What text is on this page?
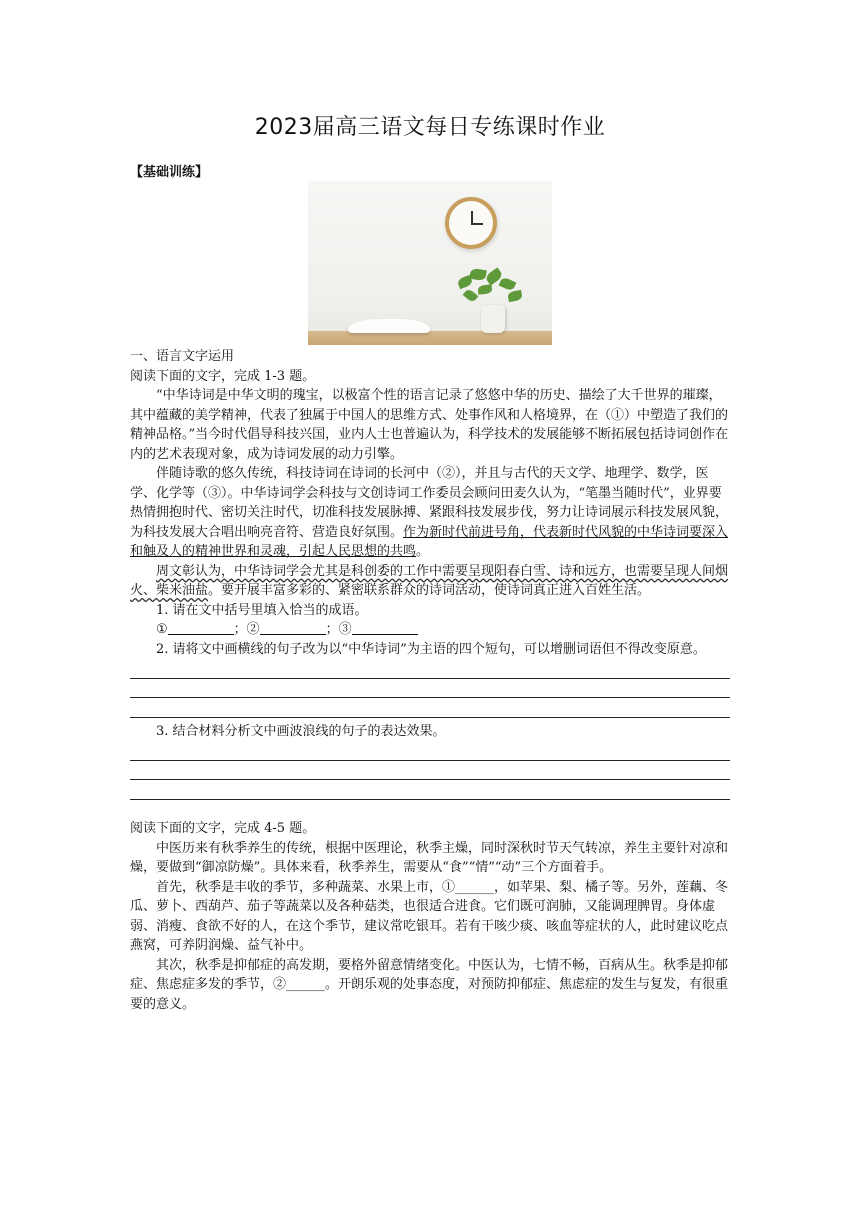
2023届高三语文每日专练课时作业
【基础训练】

一、语言文字运用

阅读下面的文字，完成 1-3 题。

“中华诗词是中华文明的瑰宝，以极富个性的语言记录了悠悠中华的历史、描绘了大千世界的璀璨，其中蕴藏的美学精神，代表了独属于中国人的思维方式、处事作风和人格境界，在（①）中塑造了我们的精神品格。”当今时代倡导科技兴国，业内人士也普遍认为，科学技术的发展能够不断拓展包括诗词创作在内的艺术表现对象，成为诗词发展的动力引擎。

伴随诗歌的悠久传统，科技诗词在诗词的长河中（②），并且与古代的天文学、地理学、数学，医学、化学等（③）。中华诗词学会科技与文创诗词工作委员会顾问田麦久认为，“笔墨当随时代”，业界要热情拥抱时代、密切关注时代，切准科技发展脉搏、紧跟科技发展步伐，努力让诗词展示科技发展风貌，为科技发展大合唱出响亮音符、营造良好氛围。作为新时代前进号角，代表新时代风貌的中华诗词要深入和触及人的精神世界和灵魂，引起人民思想的共鸣。

周文彰认为，中华诗词学会尤其是科创委的工作中需要呈现阳春白雪、诗和远方，也需要呈现人间烟火、柴米油盐。要开展丰富多彩的、紧密联系群众的诗词活动，使诗词真正进入百姓生活。

1. 请在文中括号里填入恰当的成语。

①	；②	；③

2. 请将文中画横线的句子改为以“中华诗词”为主语的四个短句，可以增删词语但不得改变原意。

3. 结合材料分析文中画波浪线的句子的表达效果。

阅读下面的文字，完成 4-5 题。

中医历来有秋季养生的传统，根据中医理论，秋季主燥，同时深秋时节天气转凉，养生主要针对凉和燥，要做到“御凉防燥”。具体来看，秋季养生，需要从“食”“情”“动”三个方面着手。

首先，秋季是丰收的季节，多种蔬菜、水果上市，①______，如苹果、梨、橘子等。另外，莲藕、冬瓜、萝卜、西葫芦、茄子等蔬菜以及各种菇类，也很适合进食。它们既可润肺，又能调理脾胃。身体虚弱、消瘦、食欲不好的人，在这个季节，建议常吃银耳。若有干咳少痰、咳血等症状的人，此时建议吃点燕窝，可养阴润燥、益气补中。

其次，秋季是抑郁症的高发期，要格外留意情绪变化。中医认为，七情不畅，百病从生。秋季是抑郁症、焦虑症多发的季节，②______。开朗乐观的处事态度，对预防抑郁症、焦虑症的发生与复发，有很重要的意义。
